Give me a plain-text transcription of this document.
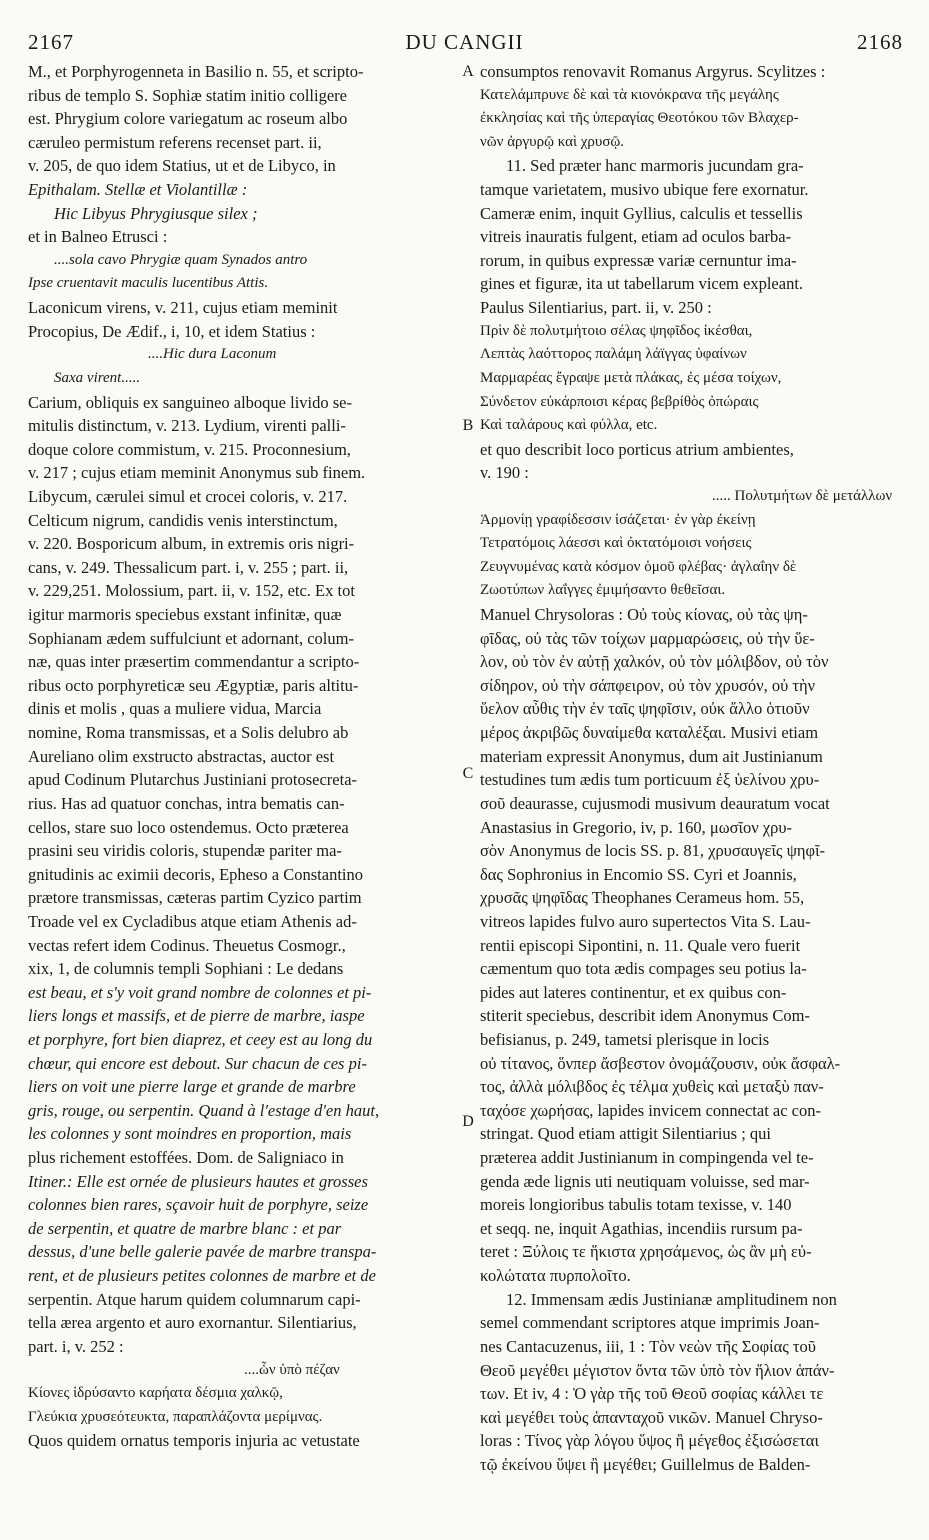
2167	DU CANGII	2168
A
B
C
D
M., et Porphyrogenneta in Basilio n. 55, et scripto-
ribus de templo S. Sophiæ statim initio colligere
est. Phrygium colore variegatum ac roseum albo
cæruleo permistum referens recenset part. ii,
v. 205, de quo idem Statius, ut et de Libyco, in
Epithalam. Stellæ et Violantillæ :
Hic Libyus Phrygiusque silex ;
et in Balneo Etrusci :
....sola cavo Phrygiæ quam Synados antro
Ipse cruentavit maculis lucentibus Attis.
Laconicum virens, v. 211, cujus etiam meminit
Procopius, De Ædif., i, 10, et idem Statius :
....Hic dura Laconum
Saxa virent.....
Carium, obliquis ex sanguineo alboque livido se-
mitulis distinctum, v. 213. Lydium, virenti palli-
doque colore commistum, v. 215. Proconnesium,
v. 217 ; cujus etiam meminit Anonymus sub finem.
Libycum, cærulei simul et crocei coloris, v. 217.
Celticum nigrum, candidis venis interstinctum,
v. 220. Bosporicum album, in extremis oris nigri-
cans, v. 249. Thessalicum part. i, v. 255 ; part. ii,
v. 229,251. Molossium, part. ii, v. 152, etc. Ex tot
igitur marmoris speciebus exstant infinitæ, quæ
Sophianam ædem suffulciunt et adornant, colum-
næ, quas inter præsertim commendantur a scripto-
ribus octo porphyreticæ seu Ægyptiæ, paris altitu-
dinis et molis , quas a muliere vidua, Marcia
nomine, Roma transmissas, et a Solis delubro ab
Aureliano olim exstructo abstractas, auctor est
apud Codinum Plutarchus Justiniani protosecreta-
rius. Has ad quatuor conchas, intra bematis can-
cellos, stare suo loco ostendemus. Octo præterea
prasini seu viridis coloris, stupendæ pariter ma-
gnitudinis ac eximii decoris, Epheso a Constantino
prætore transmissas, cæteras partim Cyzico partim
Troade vel ex Cycladibus atque etiam Athenis ad-
vectas refert idem Codinus. Theuetus Cosmogr.,
xix, 1, de columnis templi Sophiani : Le dedans
est beau, et s'y voit grand nombre de colonnes et pi-
liers longs et massifs, et de pierre de marbre, iaspe
et porphyre, fort bien diaprez, et ceey est au long du
chœur, qui encore est debout. Sur chacun de ces pi-
liers on voit une pierre large et grande de marbre
gris, rouge, ou serpentin. Quand à l'estage d'en haut,
les colonnes y sont moindres en proportion, mais
plus richement estoffées. Dom. de Saligniaco in
Itiner.: Elle est ornée de plusieurs hautes et grosses
colonnes bien rares, sçavoir huit de porphyre, seize
de serpentin, et quatre de marbre blanc : et par
dessus, d'une belle galerie pavée de marbre transpa-
rent, et de plusieurs petites colonnes de marbre et de
serpentin. Atque harum quidem columnarum capi-
tella ærea argento et auro exornantur. Silentiarius,
part. i, v. 252 :
....ὧν ὑπὸ πέζαν
Κίονες ἱδρύσαντο καρήατα δέσμια χαλκῷ,
Γλεύκια χρυσεότευκτα, παραπλάζοντα μερίμνας.
Quos quidem ornatus temporis injuria ac vetustate
consumptos renovavit Romanus Argyrus. Scylitzes :
Κατελάμπρυνε δὲ καὶ τὰ κιονόκρανα τῆς μεγάλης
ἐκκλησίας καὶ τῆς ὑπεραγίας Θεοτόκου τῶν Βλαχερ-
νῶν ἀργυρῷ καὶ χρυσῷ.
11. Sed præter hanc marmoris jucundam gra-
tamque varietatem, musivo ubique fere exornatur.
Cameræ enim, inquit Gyllius, calculis et tessellis
vitreis inauratis fulgent, etiam ad oculos barba-
rorum, in quibus expressæ variæ cernuntur ima-
gines et figuræ, ita ut tabellarum vicem expleant.
Paulus Silentiarius, part. ii, v. 250 :
Πρὶν δὲ πολυτμήτοιο σέλας ψηφῖδος ἰκέσθαι,
Λεπτὰς λαόττορος παλάμη λάϊγγας ὑφαίνων
Μαρμαρέας ἔγραψε μετὰ πλάκας, ἐς μέσα τοίχων,
Σύνδετον εὐκάρποισι κέρας βεβρίθὸς ὀπώραις
Καὶ ταλάρους καὶ φύλλα, etc.
et quo describit loco porticus atrium ambientes,
v. 190 :
..... Πολυτμήτων δὲ μετάλλων
Ἁρμονίῃ γραφίδεσσιν ἰσάζεται· ἐν γὰρ ἐκείνῃ
Τετρατόμοις λάεσσι καὶ ὀκτατόμοισι νοήσεις
Ζευγνυμένας κατὰ κόσμον ὁμοῦ φλέβας· ἀγλαΐην δὲ
Ζωοτύπων λαΐγγες ἐμιμήσαντο θεθεῖσαι.
Manuel Chrysoloras : Οὐ τοὺς κίονας, οὐ τὰς ψη-
φῖδας, οὐ τὰς τῶν τοίχων μαρμαρώσεις, οὐ τὴν ὕε-
λον, οὐ τὸν ἐν αὐτῇ χαλκόν, οὐ τὸν μόλιβδον, οὐ τὸν
σίδηρον, οὐ τὴν σάπφειρον, οὐ τὸν χρυσόν, οὐ τὴν
ὕελον αὖθις τὴν ἐν ταῖς ψηφῖσιν, οὐκ ἄλλο ὁτιοῦν
μέρος ἀκριβῶς δυναίμεθα καταλέξαι. Musivi etiam
materiam expressit Anonymus, dum ait Justinianum
testudines tum ædis tum porticuum ἐξ ὑελίνου χρυ-
σοῦ deaurasse, cujusmodi musivum deauratum vocat
Anastasius in Gregorio, iv, p. 160, μωσῖον χρυ-
σὸν Anonymus de locis SS. p. 81, χρυσαυγεῖς ψηφῖ-
δας Sophronius in Encomio SS. Cyri et Joannis,
χρυσᾶς ψηφῖδας Theophanes Cerameus hom. 55,
vitreos lapides fulvo auro supertectos Vita S. Lau-
rentii episcopi Sipontini, n. 11. Quale vero fuerit
cæmentum quo tota ædis compages seu potius la-
pides aut lateres continentur, et ex quibus con-
stiterit speciebus, describit idem Anonymus Com-
befisianus, p. 249, tametsi plerisque in locis
οὐ τίτανος, ὅνπερ ἄσβεστον ὀνομάζουσιν, οὐκ ἄσφαλ-
τος, ἀλλὰ μόλιβδος ἐς τέλμα χυθεὶς καὶ μεταξὺ παν-
ταχόσε χωρήσας, lapides invicem connectat ac con-
stringat. Quod etiam attigit Silentiarius ; qui
præterea addit Justinianum in compingenda vel te-
genda æde lignis uti neutiquam voluisse, sed mar-
moreis longioribus tabulis totam texisse, v. 140
et seqq. ne, inquit Agathias, incendiis rursum pa-
teret : Ξύλοις τε ἥκιστα χρησάμενος, ὡς ἂν μὴ εὐ-
κολώτατα πυρπολοῖτο.
12. Immensam ædis Justinianæ amplitudinem non
semel commendant scriptores atque imprimis Joan-
nes Cantacuzenus, iii, 1 : Τὸν νεὼν τῆς Σοφίας τοῦ
Θεοῦ μεγέθει μέγιστον ὄντα τῶν ὑπὸ τὸν ἥλιον ἁπάν-
των. Et iv, 4 : Ὁ γὰρ τῆς τοῦ Θεοῦ σοφίας κάλλει τε
καὶ μεγέθει τοὺς ἁπανταχοῦ νικῶν. Manuel Chryso-
loras : Τίνος γὰρ λόγου ὕψος ἢ μέγεθος ἐξισώσεται
τῷ ἐκείνου ὕψει ἢ μεγέθει; Guillelmus de Balden-
